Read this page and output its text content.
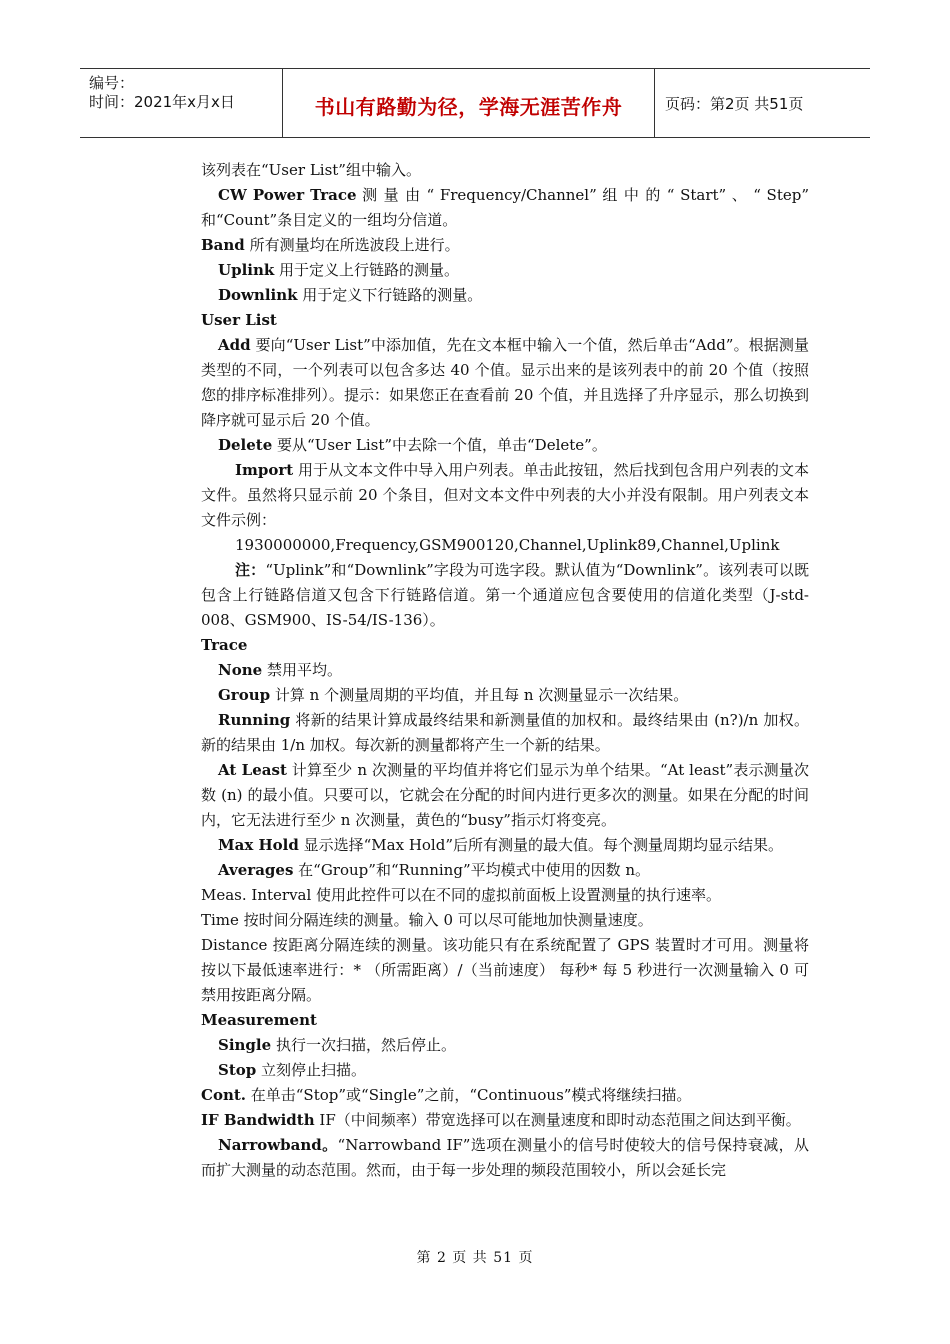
编号：
时间：2021年x月x日	书山有路勤为径，学海无涯苦作舟	页码：第2页 共51页

该列表在“User List”组中输入。

CW Power Trace 测 量 由 “ Frequency/Channel” 组 中 的 “ Start” 、 “ Step” 和“Count”条目定义的一组均分信道。

Band 所有测量均在所选波段上进行。

Uplink 用于定义上行链路的测量。

Downlink 用于定义下行链路的测量。

User List

Add 要向“User List”中添加值，先在文本框中输入一个值，然后单击“Add”。根据测量类型的不同，一个列表可以包含多达 40 个值。显示出来的是该列表中的前 20 个值（按照您的排序标准排列）。提示：如果您正在查看前 20 个值，并且选择了升序显示，那么切换到降序就可显示后 20 个值。

Delete 要从“User List”中去除一个值，单击“Delete”。

Import 用于从文本文件中导入用户列表。单击此按钮，然后找到包含用户列表的文本文件。虽然将只显示前 20 个条目，但对文本文件中列表的大小并没有限制。用户列表文本文件示例：

1930000000,Frequency,GSM900120,Channel,Uplink89,Channel,Uplink

注：“Uplink”和“Downlink”字段为可选字段。默认值为“Downlink”。该列表可以既包含上行链路信道又包含下行链路信道。第一个通道应包含要使用的信道化类型（J-std-008、GSM900、IS-54/IS-136）。

Trace

None 禁用平均。

Group 计算 n 个测量周期的平均值，并且每 n 次测量显示一次结果。

Running 将新的结果计算成最终结果和新测量值的加权和。最终结果由 (n?)/n 加权。新的结果由 1/n 加权。每次新的测量都将产生一个新的结果。

At Least 计算至少 n 次测量的平均值并将它们显示为单个结果。“At least”表示测量次数 (n) 的最小值。只要可以，它就会在分配的时间内进行更多次的测量。如果在分配的时间内，它无法进行至少 n 次测量，黄色的“busy”指示灯将变亮。

Max Hold 显示选择“Max Hold”后所有测量的最大值。每个测量周期均显示结果。

Averages 在“Group”和“Running”平均模式中使用的因数 n。

Meas. Interval 使用此控件可以在不同的虚拟前面板上设置测量的执行速率。

Time 按时间分隔连续的测量。输入 0 可以尽可能地加快测量速度。

Distance 按距离分隔连续的测量。该功能只有在系统配置了 GPS 装置时才可用。测量将按以下最低速率进行：* （所需距离）/（当前速度） 每秒* 每 5 秒进行一次测量输入 0 可禁用按距离分隔。

Measurement

Single 执行一次扫描，然后停止。

Stop 立刻停止扫描。

Cont. 在单击“Stop”或“Single”之前，“Continuous”模式将继续扫描。

IF Bandwidth IF（中间频率）带宽选择可以在测量速度和即时动态范围之间达到平衡。

Narrowband。“Narrowband IF”选项在测量小的信号时使较大的信号保持衰减，从而扩大测量的动态范围。然而，由于每一步处理的频段范围较小，所以会延长完

第 2 页 共 51 页
